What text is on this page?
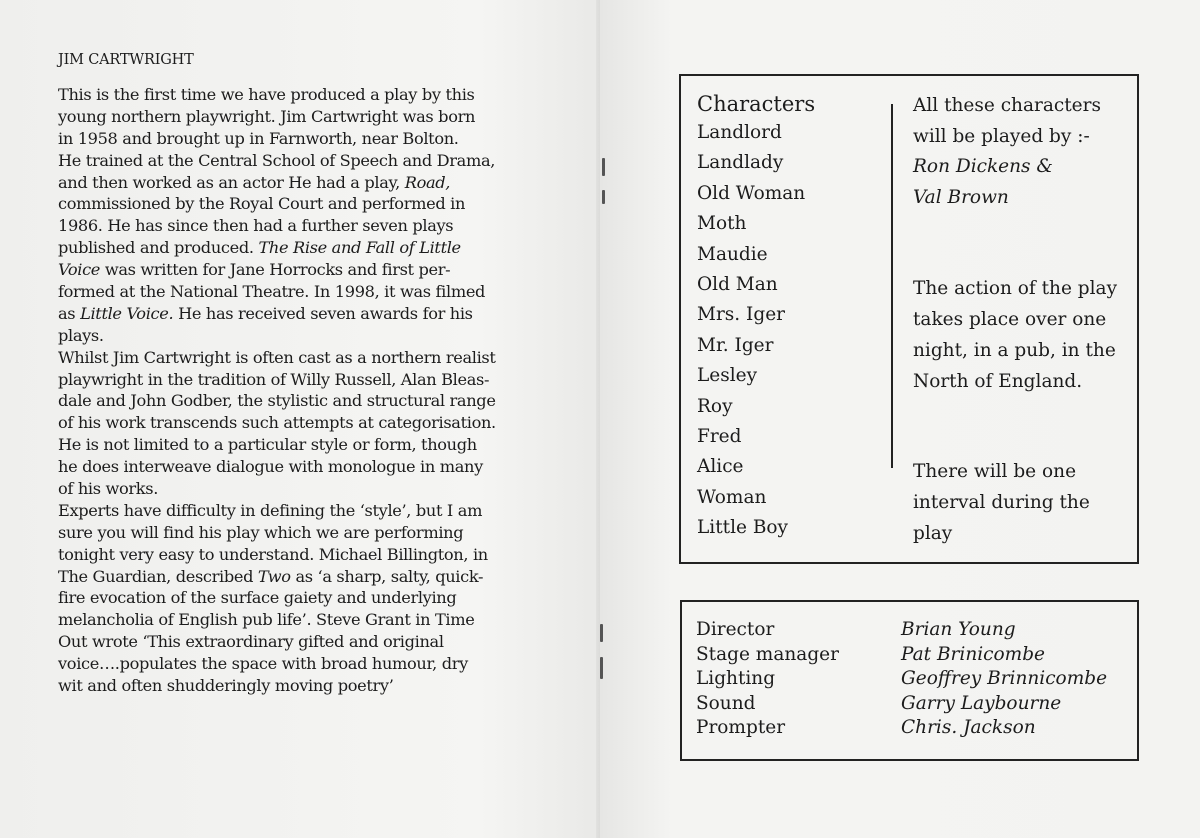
JIM CARTWRIGHT
This is the first time we have produced a play by this
young northern playwright. Jim Cartwright was born
in 1958 and brought up in Farnworth, near Bolton.
He trained at the Central School of Speech and Drama,
and then worked as an actor He had a play, Road,
commissioned by the Royal Court and performed in
1986. He has since then had a further seven plays
published and produced. The Rise and Fall of Little
Voice was written for Jane Horrocks and first per-
formed at the National Theatre. In 1998, it was filmed
as Little Voice. He has received seven awards for his
plays.
Whilst Jim Cartwright is often cast as a northern realist
playwright in the tradition of Willy Russell, Alan Bleas-
dale and John Godber, the stylistic and structural range
of his work transcends such attempts at categorisation.
He is not limited to a particular style or form, though
he does interweave dialogue with monologue in many
of his works.
Experts have difficulty in defining the ‘style’, but I am
sure you will find his play which we are performing
tonight very easy to understand. Michael Billington, in
The Guardian, described Two as ‘a sharp, salty, quick-
fire evocation of the surface gaiety and underlying
melancholia of English pub life’. Steve Grant in Time
Out wrote ‘This extraordinary gifted and original
voice….populates the space with broad humour, dry
wit and often shudderingly moving poetry’
Characters
Landlord
Landlady
Old Woman
Moth
Maudie
Old Man
Mrs. Iger
Mr. Iger
Lesley
Roy
Fred
Alice
Woman
Little Boy
All these characters
will be played by :-
Ron Dickens &
Val Brown
The action of the play
takes place over one
night, in a pub, in the
North of England.
There will be one
interval during the
play
Director	Brian Young
Stage manager	Pat Brinicombe
Lighting	Geoffrey Brinnicombe
Sound	Garry Laybourne
Prompter	Chris. Jackson
